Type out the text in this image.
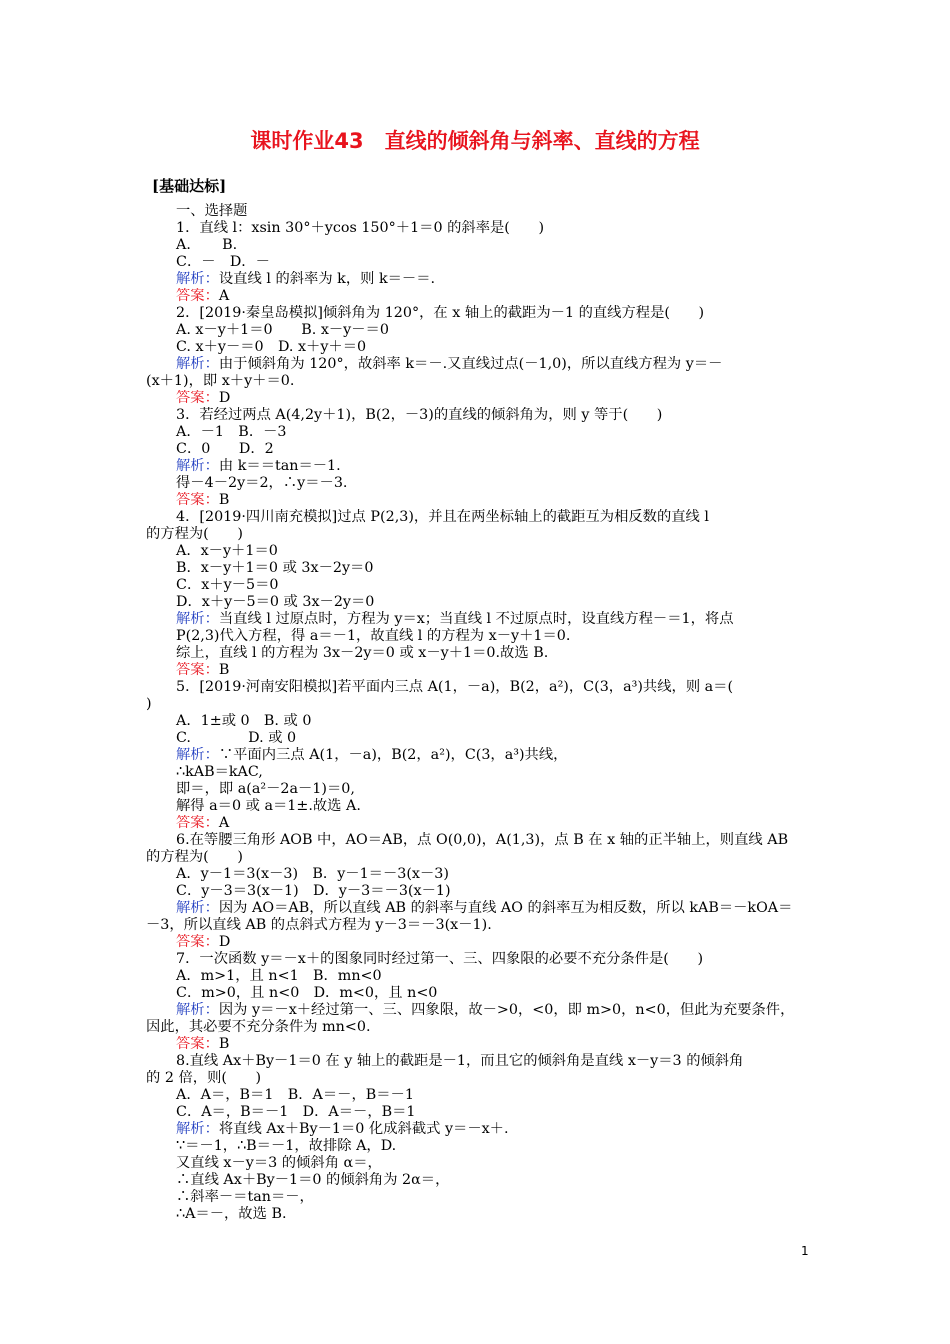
课时作业43　直线的倾斜角与斜率、直线的方程
[基础达标]
一、选择题
1．直线 l：xsin 30°＋ycos 150°＋1＝0 的斜率是(　　)
A．　　B.
C．－　D．－
解析：设直线 l 的斜率为 k，则 k＝－＝.
答案：A
2．[2019·秦皇岛模拟]倾斜角为 120°，在 x 轴上的截距为－1 的直线方程是(　　)
A. x－y＋1＝0　　B. x－y－＝0
C. x＋y－＝0　D. x＋y＋＝0
解析：由于倾斜角为 120°，故斜率 k＝－.又直线过点(－1,0)，所以直线方程为 y＝－
(x＋1)，即 x＋y＋＝0.
答案：D
3．若经过两点 A(4,2y＋1)，B(2，－3)的直线的倾斜角为，则 y 等于(　　)
A．－1　B．－3
C．0　　D．2
解析：由 k＝＝tan＝－1.
得－4－2y＝2，∴y＝－3.
答案：B
4．[2019·四川南充模拟]过点 P(2,3)，并且在两坐标轴上的截距互为相反数的直线 l
的方程为(　　)
A．x－y＋1＝0
B．x－y＋1＝0 或 3x－2y＝0
C．x＋y－5＝0
D．x＋y－5＝0 或 3x－2y＝0
解析：当直线 l 过原点时，方程为 y＝x；当直线 l 不过原点时，设直线方程－＝1，将点
P(2,3)代入方程，得 a＝－1，故直线 l 的方程为 x－y＋1＝0.
综上，直线 l 的方程为 3x－2y＝0 或 x－y＋1＝0.故选 B.
答案：B
5．[2019·河南安阳模拟]若平面内三点 A(1，－a)，B(2，a²)，C(3，a³)共线，则 a＝(
)
A．1±或 0　B. 或 0
C.　　　　D. 或 0
解析：∵平面内三点 A(1，－a)，B(2，a²)，C(3，a³)共线，
∴kAB＝kAC,
即＝，即 a(a²－2a－1)＝0,
解得 a＝0 或 a＝1±.故选 A.
答案：A
6.在等腰三角形 AOB 中，AO＝AB，点 O(0,0)，A(1,3)，点 B 在 x 轴的正半轴上，则直线 AB
的方程为(　　)
A．y－1＝3(x－3)　B．y－1＝－3(x－3)
C．y－3＝3(x－1)　D．y－3＝－3(x－1)
解析：因为 AO＝AB，所以直线 AB 的斜率与直线 AO 的斜率互为相反数，所以 kAB＝－kOA＝
－3，所以直线 AB 的点斜式方程为 y－3＝－3(x－1).
答案：D
7．一次函数 y＝－x＋的图象同时经过第一、三、四象限的必要不充分条件是(　　)
A．m>1，且 n<1　B．mn<0
C．m>0，且 n<0　D．m<0，且 n<0
解析：因为 y＝－x＋经过第一、三、四象限，故－>0，<0，即 m>0，n<0，但此为充要条件，
因此，其必要不充分条件为 mn<0.
答案：B
8.直线 Ax＋By－1＝0 在 y 轴上的截距是－1，而且它的倾斜角是直线 x－y＝3 的倾斜角
的 2 倍，则(　　)
A．A＝，B＝1　B．A＝－，B＝－1
C．A＝，B＝－1　D．A＝－，B＝1
解析：将直线 Ax＋By－1＝0 化成斜截式 y＝－x＋.
∵＝－1，∴B＝－1，故排除 A，D.
又直线 x－y＝3 的倾斜角 α＝，
∴直线 Ax＋By－1＝0 的倾斜角为 2α＝，
∴斜率－＝tan＝－，
∴A＝－，故选 B.
1
